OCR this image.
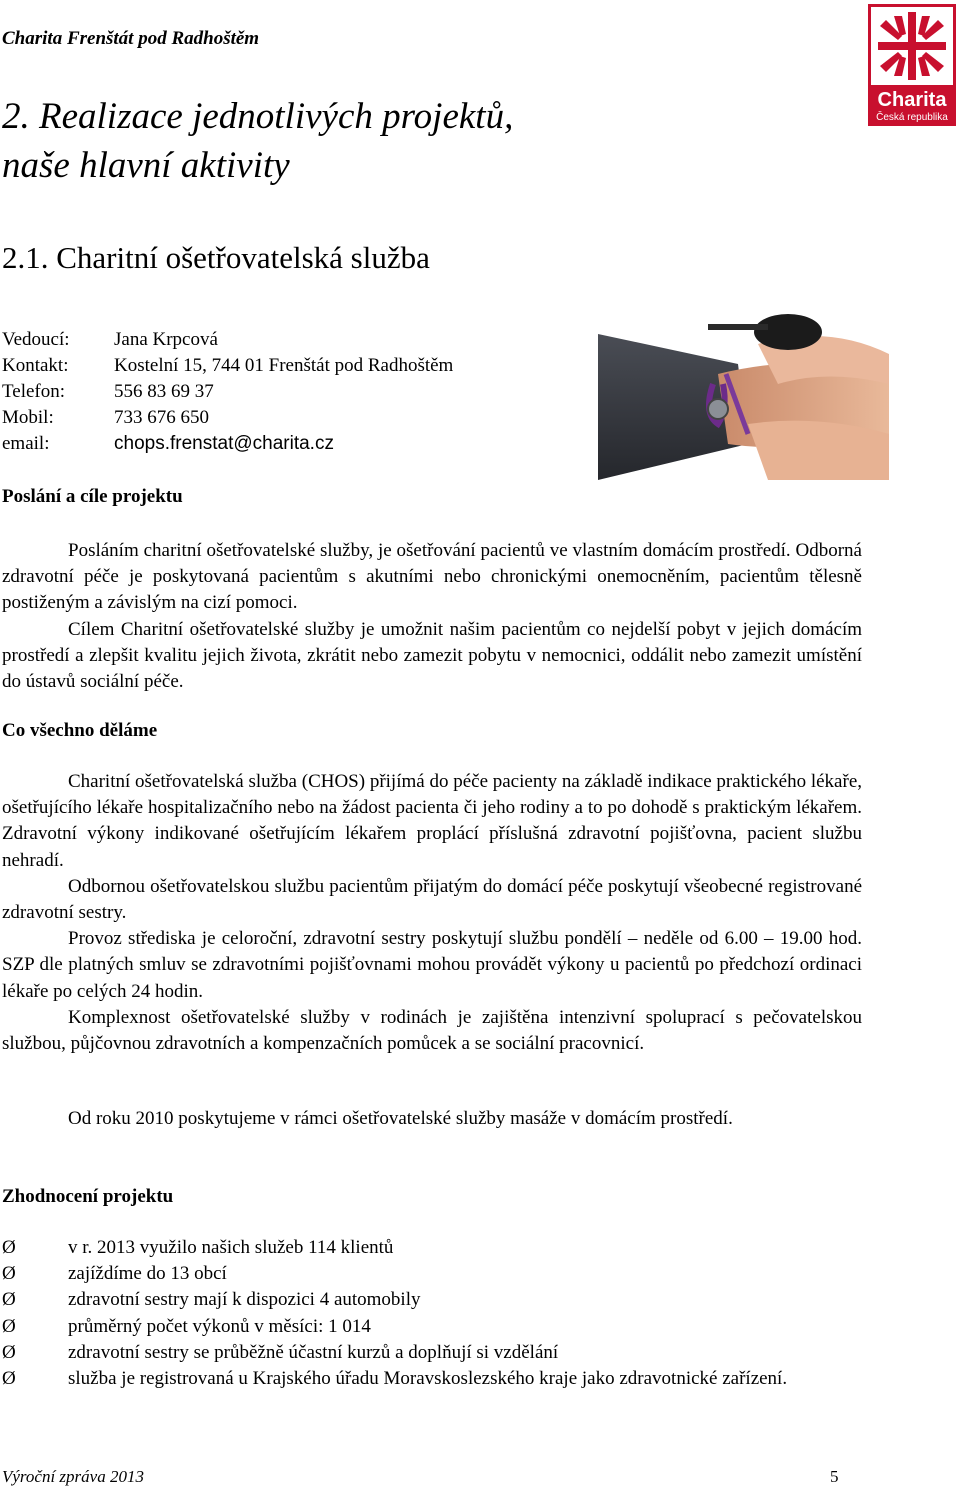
Charita Frenštát pod Radhoštěm
Charita
Česká republika
2. Realizace jednotlivých projektů,
naše hlavní aktivity
2.1. Charitní ošetřovatelská služba
Vedoucí:	Jana Krpcová
Kontakt:	Kostelní 15, 744 01 Frenštát pod Radhoštěm
Telefon:	556 83 69 37
Mobil:	733 676 650
email:	chops.frenstat@charita.cz
Poslání a cíle projektu

Posláním charitní ošetřovatelské služby, je ošetřování pacientů ve vlastním domácím prostředí. Odborná zdravotní péče je poskytovaná pacientům s akutními nebo chronickými onemocněním, pacientům tělesně postiženým a závislým na cizí pomoci.

Cílem Charitní ošetřovatelské služby je umožnit našim pacientům co nejdelší pobyt v jejich domácím prostředí a zlepšit kvalitu jejich života, zkrátit nebo zamezit pobytu v nemocnici, oddálit nebo zamezit umístění do ústavů sociální péče.

Co všechno děláme

Charitní ošetřovatelská služba (CHOS) přijímá do péče pacienty na základě indikace praktického lékaře, ošetřujícího lékaře hospitalizačního nebo na žádost pacienta či jeho rodiny a to po dohodě s praktickým lékařem. Zdravotní výkony indikované ošetřujícím lékařem proplácí příslušná zdravotní pojišťovna, pacient službu nehradí.

Odbornou ošetřovatelskou službu pacientům přijatým do domácí péče poskytují všeobecné registrované zdravotní sestry.

Provoz střediska je celoroční, zdravotní sestry poskytují službu pondělí – neděle od 6.00 – 19.00 hod. SZP dle platných smluv se zdravotními pojišťovnami mohou provádět výkony u pacientů po předchozí ordinaci lékaře po celých 24 hodin.

Komplexnost ošetřovatelské služby v rodinách je zajištěna intenzivní spoluprací s pečovatelskou službou, půjčovnou zdravotních a kompenzačních pomůcek a se sociální pracovnicí.

Od roku 2010 poskytujeme v rámci ošetřovatelské služby masáže v domácím prostředí.

Zhodnocení projektu
Ø	v r. 2013 využilo našich služeb 114 klientů
Ø	zajíždíme do 13 obcí
Ø	zdravotní sestry mají k dispozici 4 automobily
Ø	průměrný počet výkonů v měsíci: 1 014
Ø	zdravotní sestry se průběžně účastní kurzů a doplňují si vzdělání
Ø	služba je registrovaná u Krajského úřadu Moravskoslezského kraje jako zdravotnické zařízení.
Výroční zpráva 2013	5
